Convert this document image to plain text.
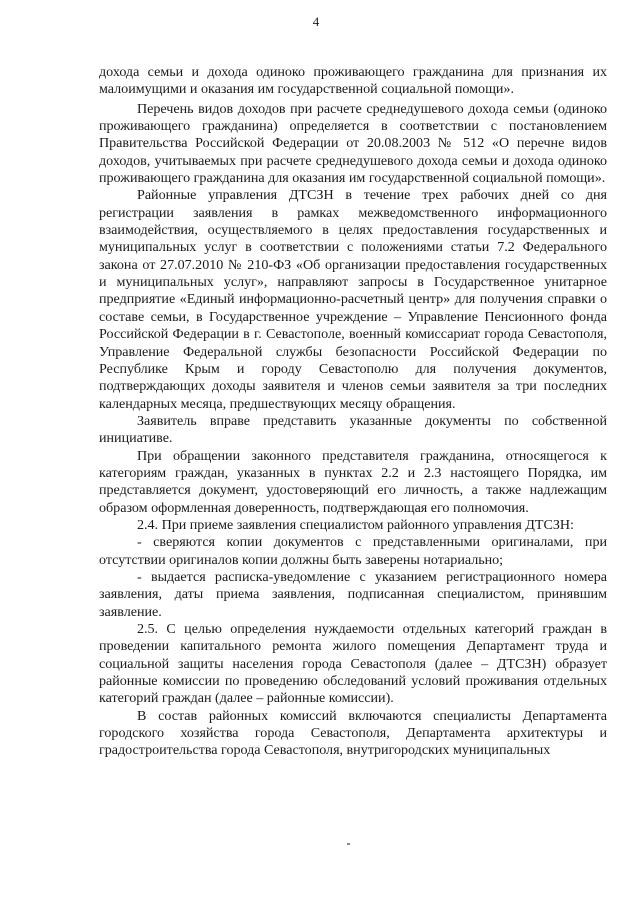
4

дохода семьи и дохода одиноко проживающего гражданина для признания их малоимущими и оказания им государственной социальной помощи».

Перечень видов доходов при расчете среднедушевого дохода семьи (одиноко проживающего гражданина) определяется в соответствии с постановлением Правительства Российской Федерации от 20.08.2003 № 512 «О перечне видов доходов, учитываемых при расчете среднедушевого дохода семьи и дохода одиноко проживающего гражданина для оказания им государственной социальной помощи».

Районные управления ДТСЗН в течение трех рабочих дней со дня регистрации заявления в рамках межведомственного информационного взаимодействия, осуществляемого в целях предоставления государственных и муниципальных услуг в соответствии с положениями статьи 7.2 Федерального закона от 27.07.2010 № 210-ФЗ «Об организации предоставления государственных и муниципальных услуг», направляют запросы в Государственное унитарное предприятие «Единый информационно-расчетный центр» для получения справки о составе семьи, в Государственное учреждение – Управление Пенсионного фонда Российской Федерации в г. Севастополе, военный комиссариат города Севастополя, Управление Федеральной службы безопасности Российской Федерации по Республике Крым и городу Севастополю для получения документов, подтверждающих доходы заявителя и членов семьи заявителя за три последних календарных месяца, предшествующих месяцу обращения.

Заявитель вправе представить указанные документы по собственной инициативе.

При обращении законного представителя гражданина, относящегося к категориям граждан, указанных в пунктах 2.2 и 2.3 настоящего Порядка, им представляется документ, удостоверяющий его личность, а также надлежащим образом оформленная доверенность, подтверждающая его полномочия.

2.4. При приеме заявления специалистом районного управления ДТСЗН:

- сверяются копии документов с представленными оригиналами, при отсутствии оригиналов копии должны быть заверены нотариально;

- выдается расписка-уведомление с указанием регистрационного номера заявления, даты приема заявления, подписанная специалистом, принявшим заявление.

2.5. С целью определения нуждаемости отдельных категорий граждан в проведении капитального ремонта жилого помещения Департамент труда и социальной защиты населения города Севастополя (далее – ДТСЗН) образует районные комиссии по проведению обследований условий проживания отдельных категорий граждан (далее – районные комиссии).

В состав районных комиссий включаются специалисты Департамента городского хозяйства города Севастополя, Департамента архитектуры и градостроительства города Севастополя, внутригородских муниципальных
